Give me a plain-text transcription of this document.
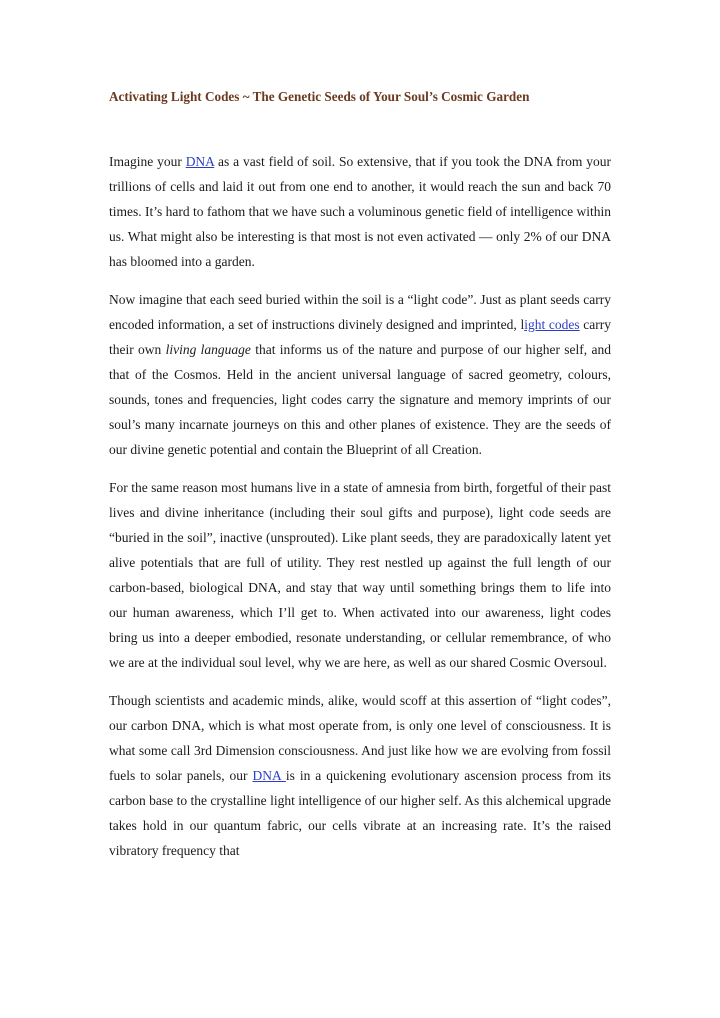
Activating Light Codes ~ The Genetic Seeds of Your Soul’s Cosmic Garden

Imagine your DNA as a vast field of soil. So extensive, that if you took the DNA from your trillions of cells and laid it out from one end to another, it would reach the sun and back 70 times. It’s hard to fathom that we have such a voluminous genetic field of intelligence within us. What might also be interesting is that most is not even activated — only 2% of our DNA has bloomed into a garden.

Now imagine that each seed buried within the soil is a “light code”. Just as plant seeds carry encoded information, a set of instructions divinely designed and imprinted, light codes carry their own living language that informs us of the nature and purpose of our higher self, and that of the Cosmos. Held in the ancient universal language of sacred geometry, colours, sounds, tones and frequencies, light codes carry the signature and memory imprints of our soul’s many incarnate journeys on this and other planes of existence. They are the seeds of our divine genetic potential and contain the Blueprint of all Creation.

For the same reason most humans live in a state of amnesia from birth, forgetful of their past lives and divine inheritance (including their soul gifts and purpose), light code seeds are “buried in the soil”, inactive (unsprouted). Like plant seeds, they are paradoxically latent yet alive potentials that are full of utility. They rest nestled up against the full length of our carbon-based, biological DNA, and stay that way until something brings them to life into our human awareness, which I’ll get to. When activated into our awareness, light codes bring us into a deeper embodied, resonate understanding, or cellular remembrance, of who we are at the individual soul level, why we are here, as well as our shared Cosmic Oversoul.

Though scientists and academic minds, alike, would scoff at this assertion of “light codes”, our carbon DNA, which is what most operate from, is only one level of consciousness. It is what some call 3rd Dimension consciousness. And just like how we are evolving from fossil fuels to solar panels, our DNA is in a quickening evolutionary ascension process from its carbon base to the crystalline light intelligence of our higher self. As this alchemical upgrade takes hold in our quantum fabric, our cells vibrate at an increasing rate. It’s the raised vibratory frequency that
